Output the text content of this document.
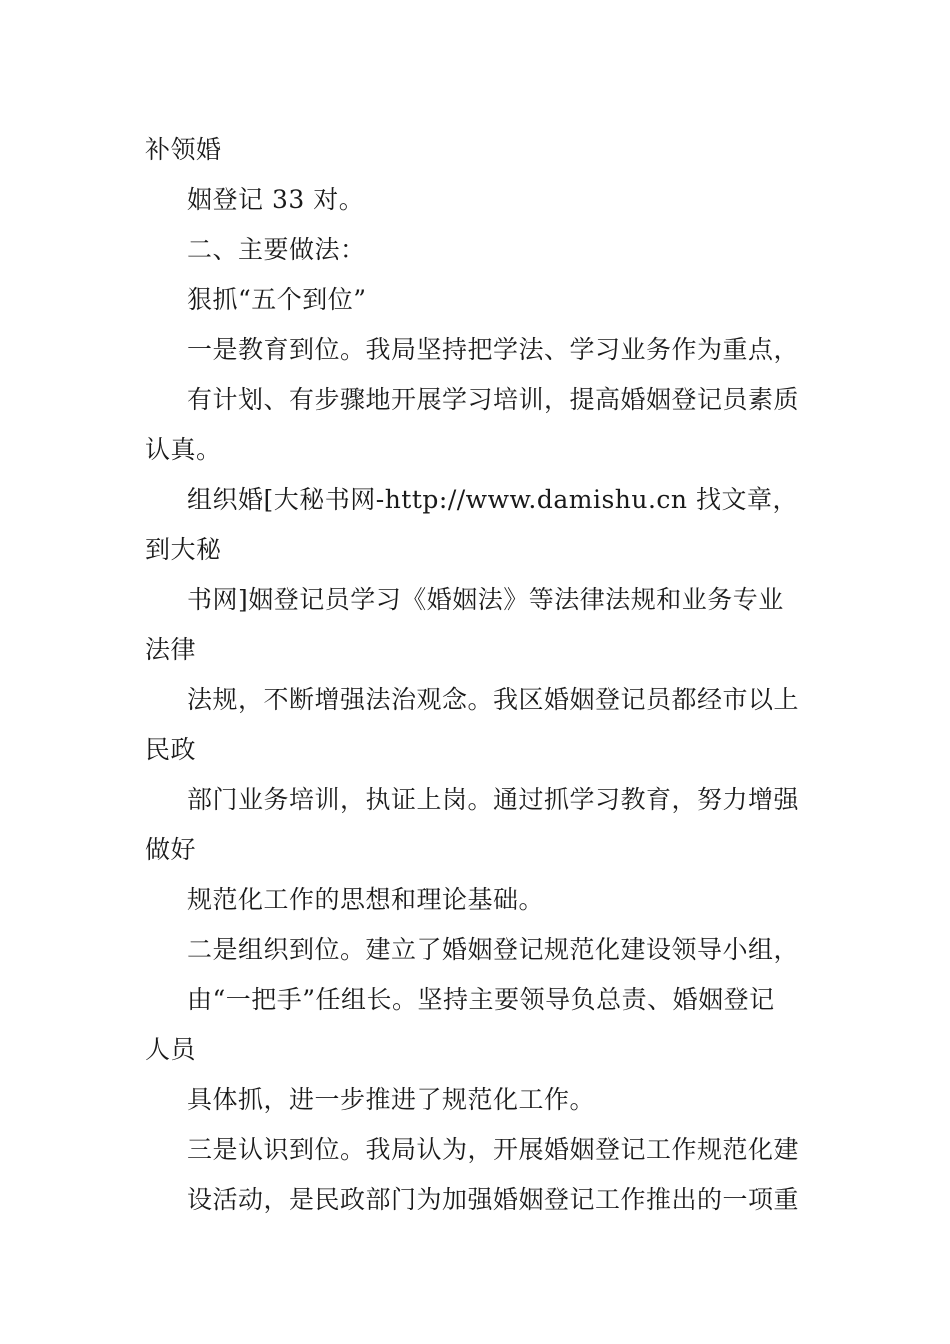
补领婚
姻登记 33 对。
二、主要做法：
狠抓“五个到位”
一是教育到位。我局坚持把学法、学习业务作为重点，
有计划、有步骤地开展学习培训，提高婚姻登记员素质
认真。
组织婚[大秘书网-http://www.damishu.cn 找文章，
到大秘
书网]姻登记员学习《婚姻法》等法律法规和业务专业
法律
法规，不断增强法治观念。我区婚姻登记员都经市以上
民政
部门业务培训，执证上岗。通过抓学习教育，努力增强
做好
规范化工作的思想和理论基础。
二是组织到位。建立了婚姻登记规范化建设领导小组，
由“一把手”任组长。坚持主要领导负总责、婚姻登记
人员
具体抓，进一步推进了规范化工作。
三是认识到位。我局认为，开展婚姻登记工作规范化建
设活动，是民政部门为加强婚姻登记工作推出的一项重
